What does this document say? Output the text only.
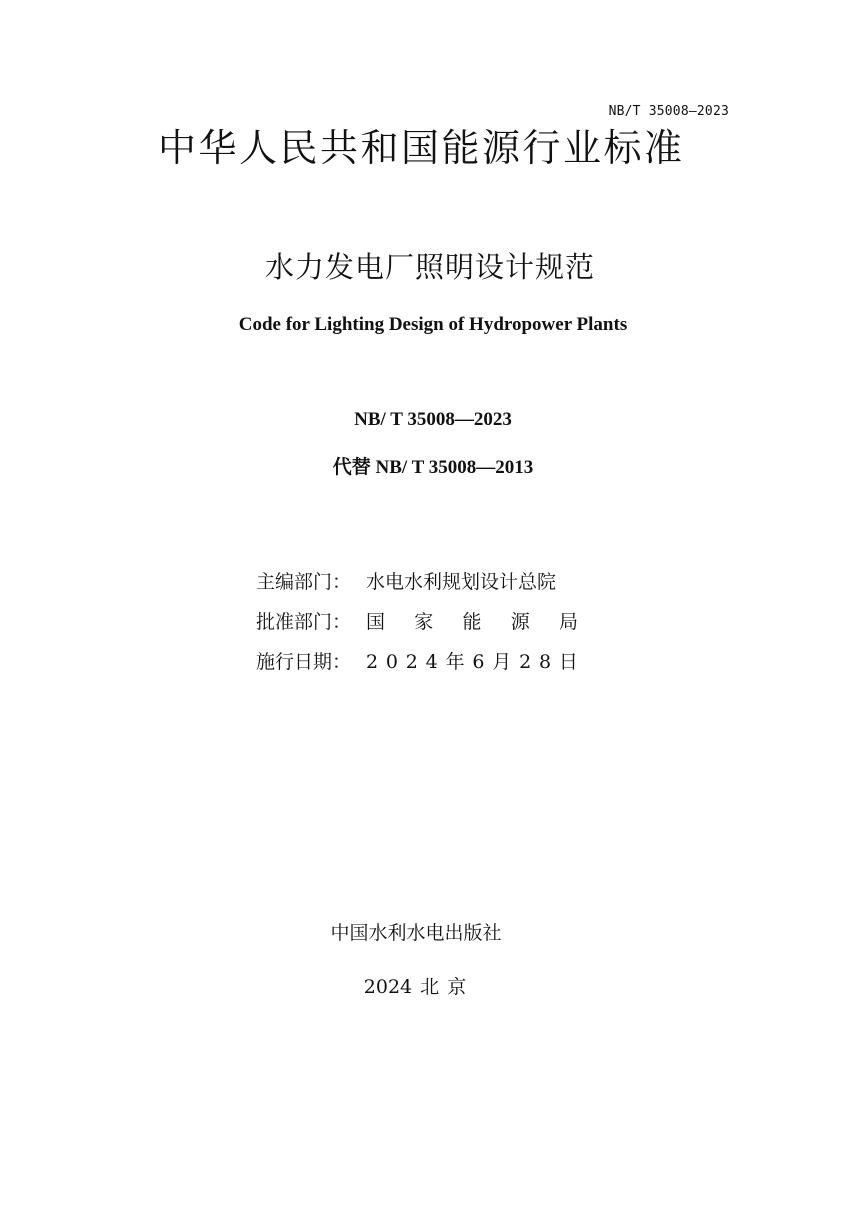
NB/T 35008—2023
中华人民共和国能源行业标准
水力发电厂照明设计规范
Code for Lighting Design of Hydropower Plants
NB/ T 35008—2023
代替 NB/ T 35008—2013
主编部门： 水电水利规划设计总院
批准部门： 国 家 能 源 局
施行日期： 2 0 2 4 年 6 月 2 8 日
中国水利水电出版社
2024 北 京
